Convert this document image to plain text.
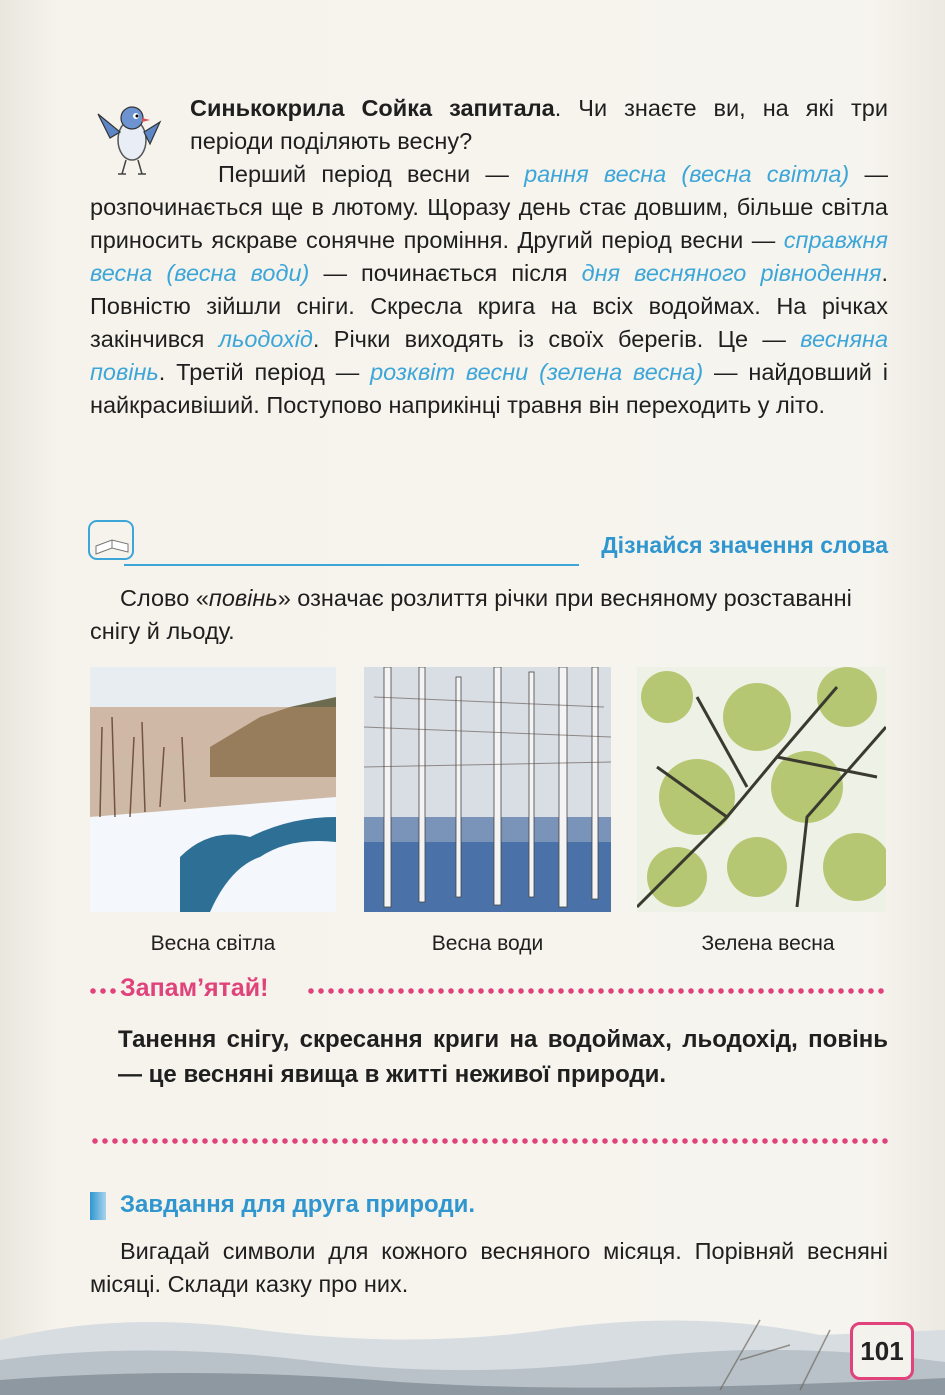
Синькокрила Сойка запитала. Чи знаєте ви, на які три періоди поділяють весну?

Перший період весни — рання весна (весна світла) — розпочинається ще в лютому. Щоразу день стає довшим, більше світла приносить яскраве сонячне проміння. Другий період весни — справжня весна (весна води) — починається після дня весняного рівнодення. Повністю зійшли сніги. Скресла крига на всіх водоймах. На річках закінчився льодохід. Річки виходять із своїх берегів. Це — весняна повінь. Третій період — розквіт весни (зелена весна) — найдовший і найкрасивіший. Поступово наприкінці травня він переходить у літо.

Дізнайся значення слова

Слово «повінь» означає розлиття річки при весняному розставанні снігу й льоду.

Весна світла	Весна води	Зелена весна
Запам’ятай!

Танення снігу, скресання криги на водоймах, льодохід, повінь — це весняні явища в житті неживої природи.

Завдання для друга природи.

Вигадай символи для кожного весняного місяця. Порівняй весняні місяці. Склади казку про них.

101
